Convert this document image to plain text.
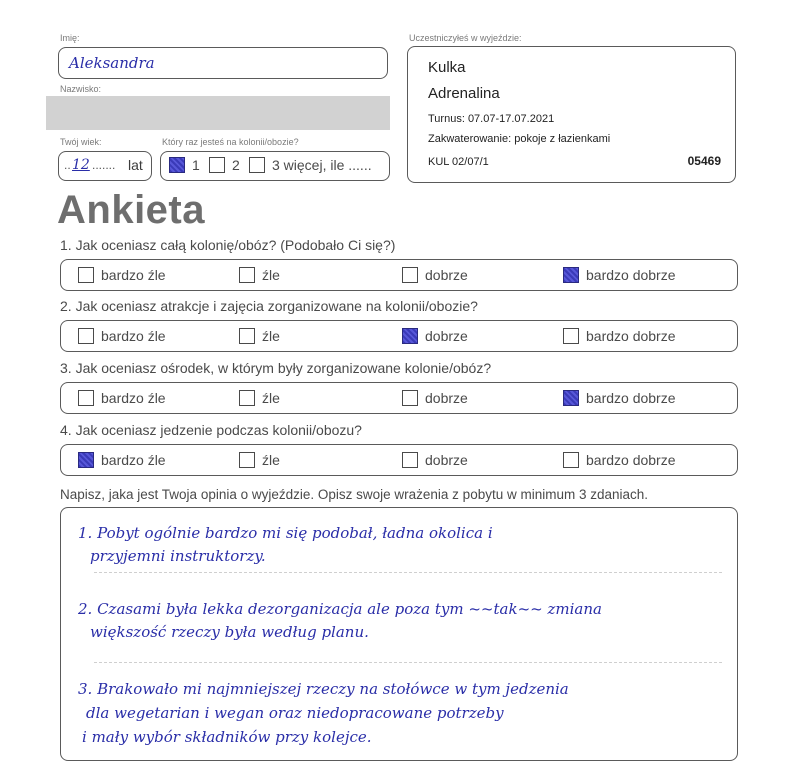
Imię:
Aleksandra
Nazwisko:
Twój wiek:
.. 12 ....... lat
Który raz jesteś na kolonii/obozie?
1 2 3 więcej, ile ......
Uczestniczyłeś w wyjeździe:
Kulka
Adrenalina
Turnus: 07.07-17.07.2021
Zakwaterowanie: pokoje z łazienkami
KUL 02/07/1	05469
Ankieta
1. Jak oceniasz całą kolonię/obóz? (Podobało Ci się?)
bardzo źle	źle	dobrze	bardzo dobrze
2. Jak oceniasz atrakcje i zajęcia zorganizowane na kolonii/obozie?
bardzo źle	źle	dobrze	bardzo dobrze
3. Jak oceniasz ośrodek, w którym były zorganizowane kolonie/obóz?
bardzo źle	źle	dobrze	bardzo dobrze
4. Jak oceniasz jedzenie podczas kolonii/obozu?
bardzo źle	źle	dobrze	bardzo dobrze
Napisz, jaka jest Twoja opinia o wyjeździe. Opisz swoje wrażenia z pobytu w minimum 3 zdaniach.
1. Pobyt ogólnie bardzo mi się podobał, ładna okolica i
przyjemni instruktorzy.
2. Czasami była lekka dezorganizacja ale poza tym ~~tak~~ zmiana
większość rzeczy była według planu.
3. Brakowało mi najmniejszej rzeczy na stołówce w tym jedzenia
dla wegetarian i wegan oraz niedopracowane potrzeby
i mały wybór składników przy kolejce.
